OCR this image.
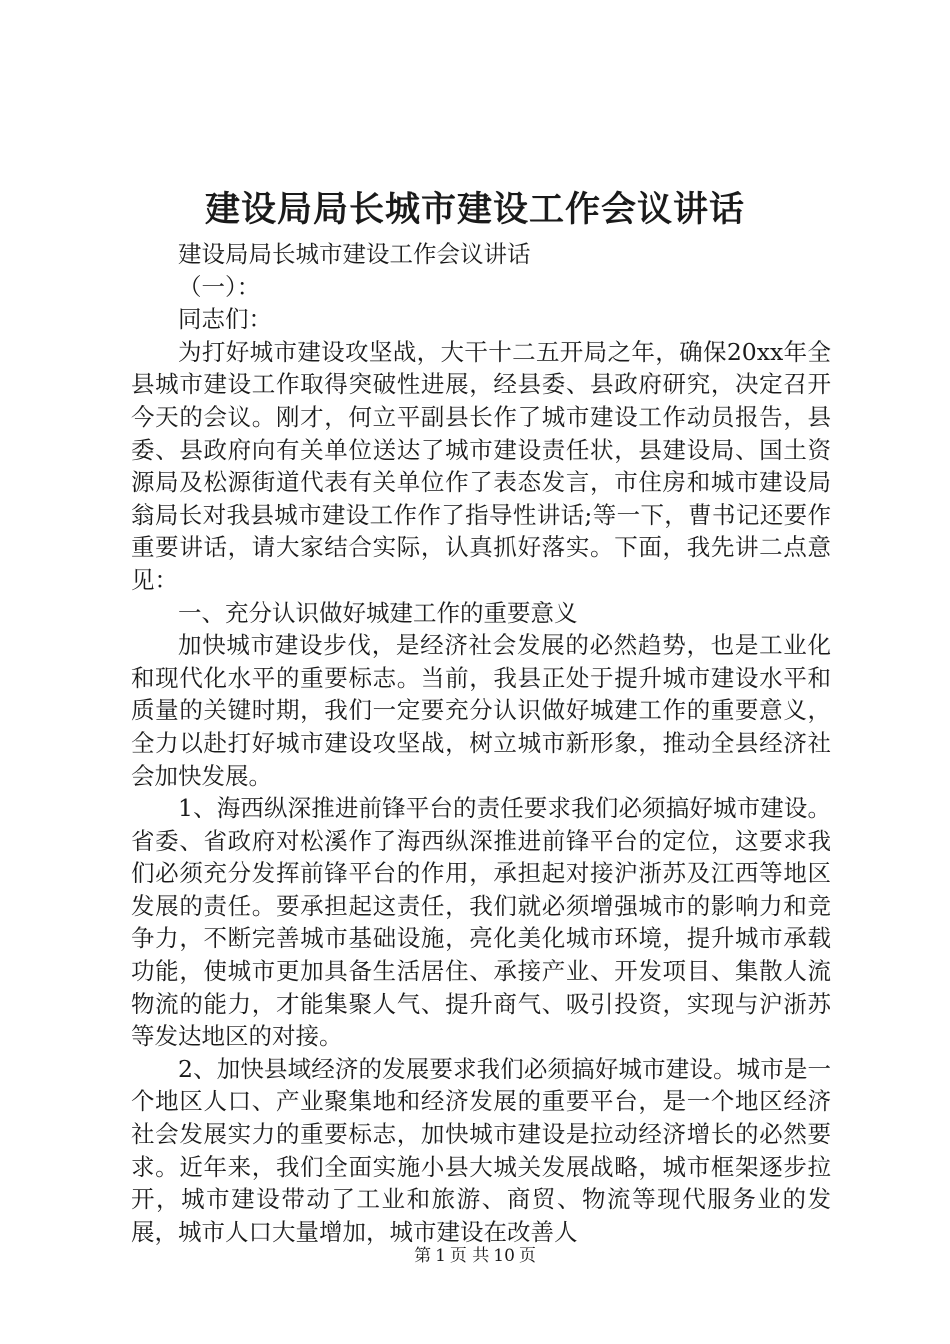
建设局局长城市建设工作会议讲话

建设局局长城市建设工作会议讲话

（一）：

同志们：

为打好城市建设攻坚战，大干十二五开局之年，确保20xx年全县城市建设工作取得突破性进展，经县委、县政府研究，决定召开今天的会议。刚才，何立平副县长作了城市建设工作动员报告，县委、县政府向有关单位送达了城市建设责任状，县建设局、国土资源局及松源街道代表有关单位作了表态发言，市住房和城市建设局翁局长对我县城市建设工作作了指导性讲话;等一下，曹书记还要作重要讲话，请大家结合实际，认真抓好落实。下面，我先讲二点意见：

一、充分认识做好城建工作的重要意义

加快城市建设步伐，是经济社会发展的必然趋势，也是工业化和现代化水平的重要标志。当前，我县正处于提升城市建设水平和质量的关键时期，我们一定要充分认识做好城建工作的重要意义，全力以赴打好城市建设攻坚战，树立城市新形象，推动全县经济社会加快发展。

1、海西纵深推进前锋平台的责任要求我们必须搞好城市建设。省委、省政府对松溪作了海西纵深推进前锋平台的定位，这要求我们必须充分发挥前锋平台的作用，承担起对接沪浙苏及江西等地区发展的责任。要承担起这责任，我们就必须增强城市的影响力和竞争力，不断完善城市基础设施，亮化美化城市环境，提升城市承载功能，使城市更加具备生活居住、承接产业、开发项目、集散人流物流的能力，才能集聚人气、提升商气、吸引投资，实现与沪浙苏等发达地区的对接。

2、加快县域经济的发展要求我们必须搞好城市建设。城市是一个地区人口、产业聚集地和经济发展的重要平台，是一个地区经济社会发展实力的重要标志，加快城市建设是拉动经济增长的必然要求。近年来，我们全面实施小县大城关发展战略，城市框架逐步拉开，城市建设带动了工业和旅游、商贸、物流等现代服务业的发展，城市人口大量增加，城市建设在改善人

第 1 页 共 10 页
